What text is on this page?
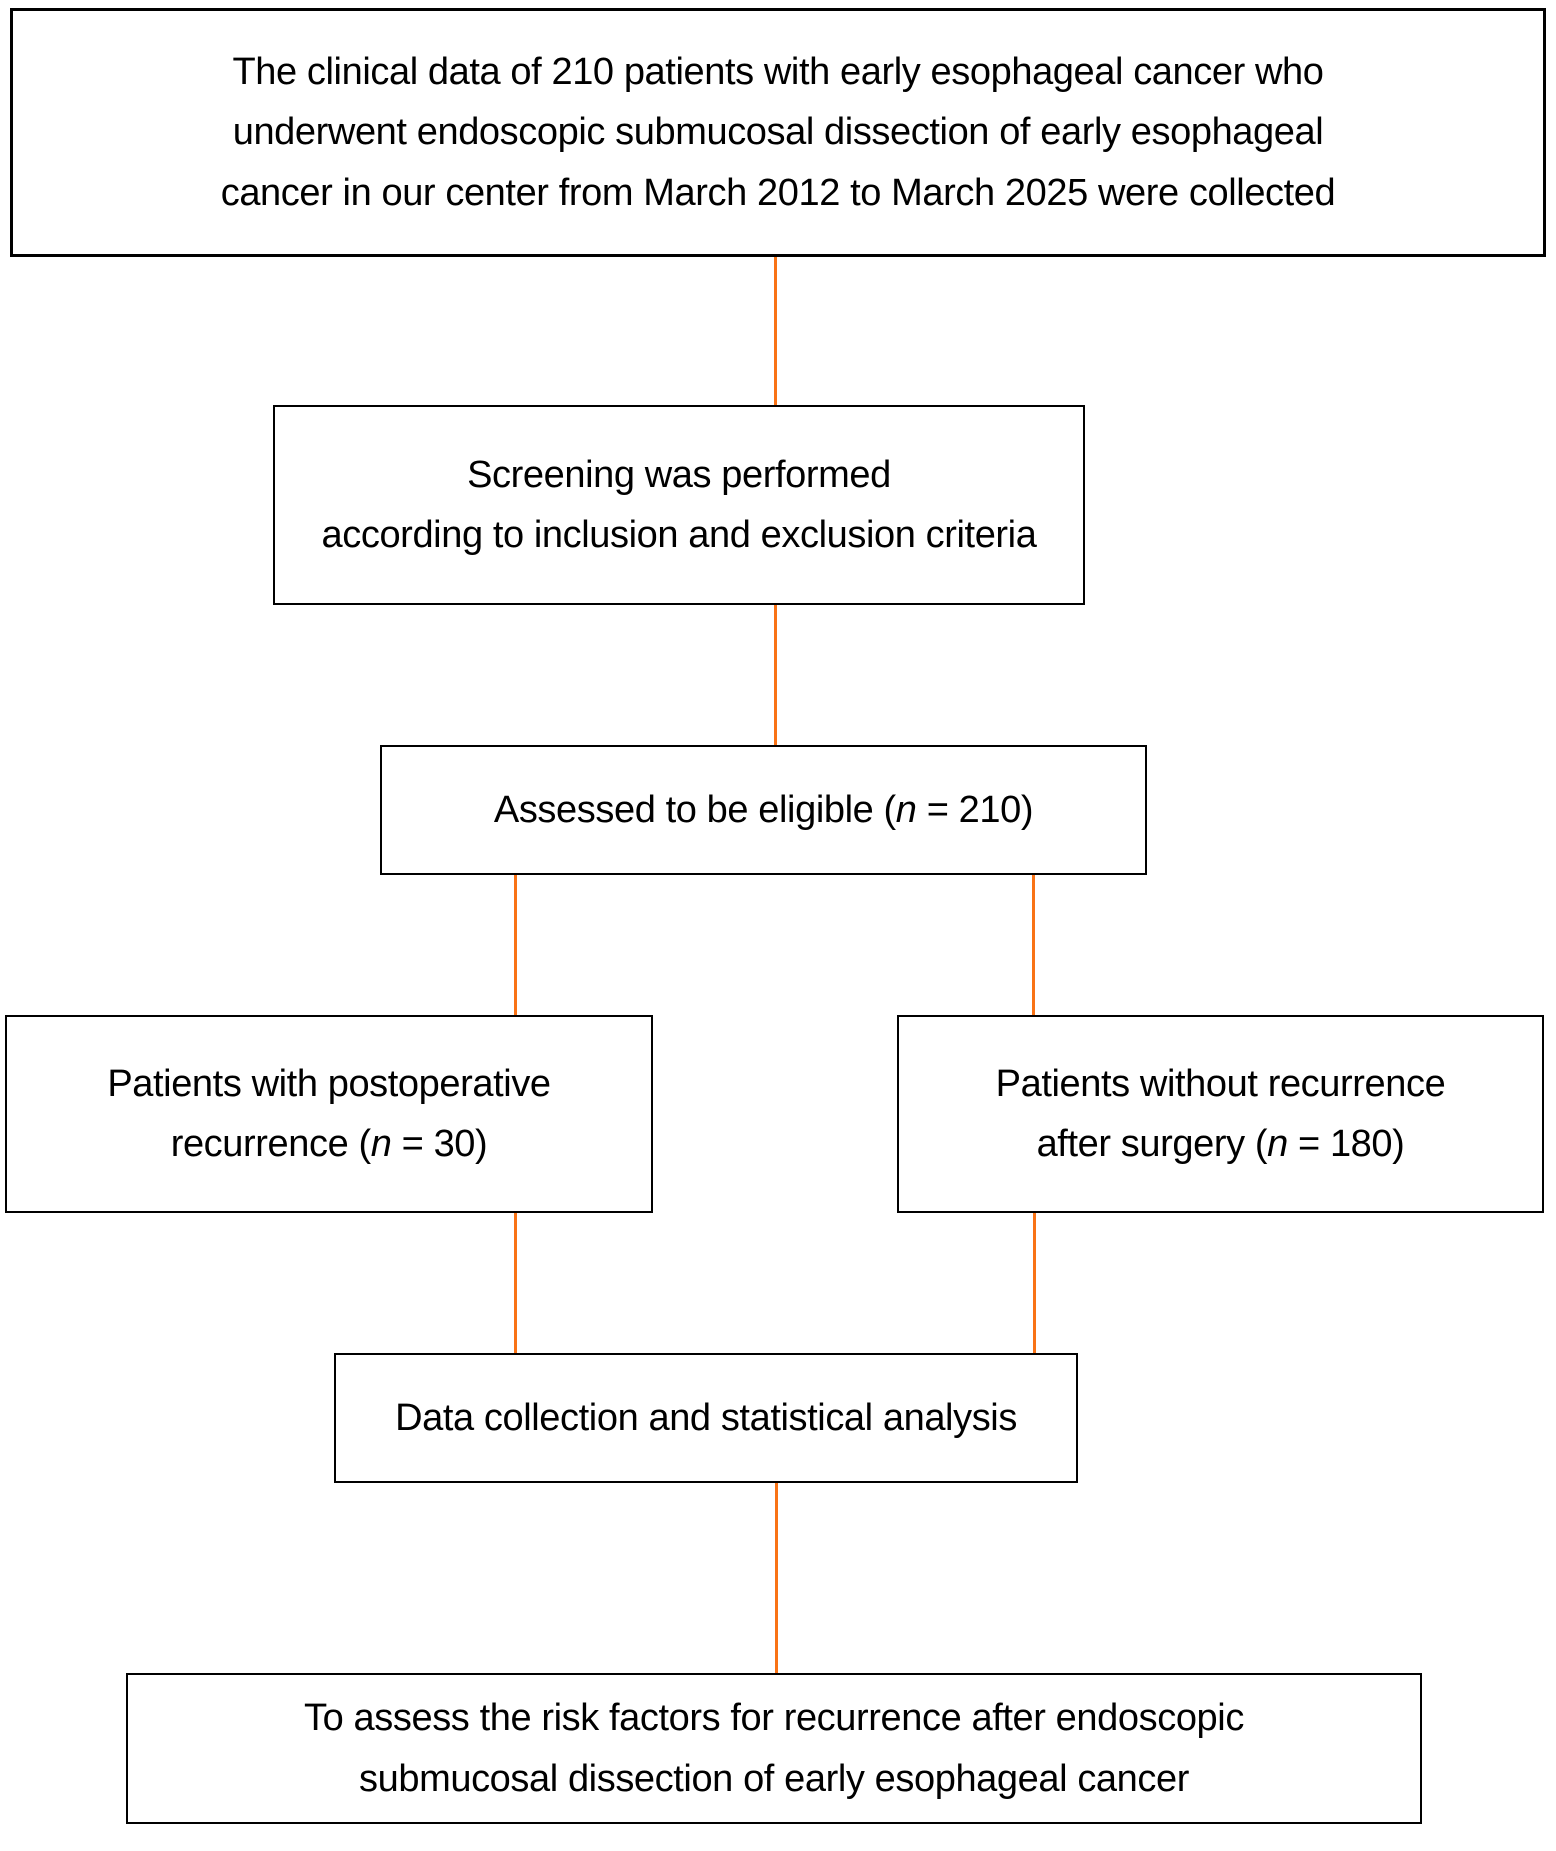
The clinical data of 210 patients with early esophageal cancer who
underwent endoscopic submucosal dissection of early esophageal
cancer in our center from March 2012 to March 2025 were collected
Screening was performed
according to inclusion and exclusion criteria
Assessed to be eligible (n = 210)
Patients with postoperative
recurrence (n = 30)
Patients without recurrence
after surgery (n = 180)
Data collection and statistical analysis
To assess the risk factors for recurrence after endoscopic
submucosal dissection of early esophageal cancer
